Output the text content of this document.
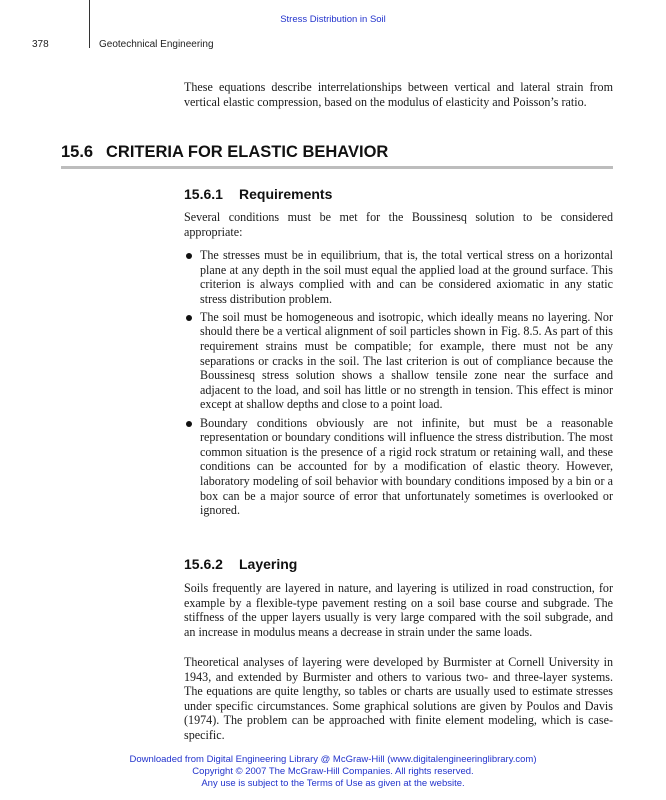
Stress Distribution in Soil
378	Geotechnical Engineering

These equations describe interrelationships between vertical and lateral strain from vertical elastic compression, based on the modulus of elasticity and Poisson’s ratio.

15.6 CRITERIA FOR ELASTIC BEHAVIOR
15.6.1 Requirements

Several conditions must be met for the Boussinesq solution to be considered appropriate:

The stresses must be in equilibrium, that is, the total vertical stress on a horizontal plane at any depth in the soil must equal the applied load at the ground surface. This criterion is always complied with and can be considered axiomatic in any static stress distribution problem.

The soil must be homogeneous and isotropic, which ideally means no layering. Nor should there be a vertical alignment of soil particles shown in Fig. 8.5. As part of this requirement strains must be compatible; for example, there must not be any separations or cracks in the soil. The last criterion is out of compliance because the Boussinesq stress solution shows a shallow tensile zone near the surface and adjacent to the load, and soil has little or no strength in tension. This effect is minor except at shallow depths and close to a point load.

Boundary conditions obviously are not infinite, but must be a reasonable representation or boundary conditions will influence the stress distribution. The most common situation is the presence of a rigid rock stratum or retaining wall, and these conditions can be accounted for by a modification of elastic theory. However, laboratory modeling of soil behavior with boundary conditions imposed by a bin or a box can be a major source of error that unfortunately sometimes is overlooked or ignored.

15.6.2 Layering

Soils frequently are layered in nature, and layering is utilized in road construction, for example by a flexible-type pavement resting on a soil base course and subgrade. The stiffness of the upper layers usually is very large compared with the soil subgrade, and an increase in modulus means a decrease in strain under the same loads.

Theoretical analyses of layering were developed by Burmister at Cornell University in 1943, and extended by Burmister and others to various two- and three-layer systems. The equations are quite lengthy, so tables or charts are usually used to estimate stresses under specific circumstances. Some graphical solutions are given by Poulos and Davis (1974). The problem can be approached with finite element modeling, which is case-specific.

Downloaded from Digital Engineering Library @ McGraw-Hill (www.digitalengineeringlibrary.com)
Copyright © 2007 The McGraw-Hill Companies. All rights reserved.
Any use is subject to the Terms of Use as given at the website.
